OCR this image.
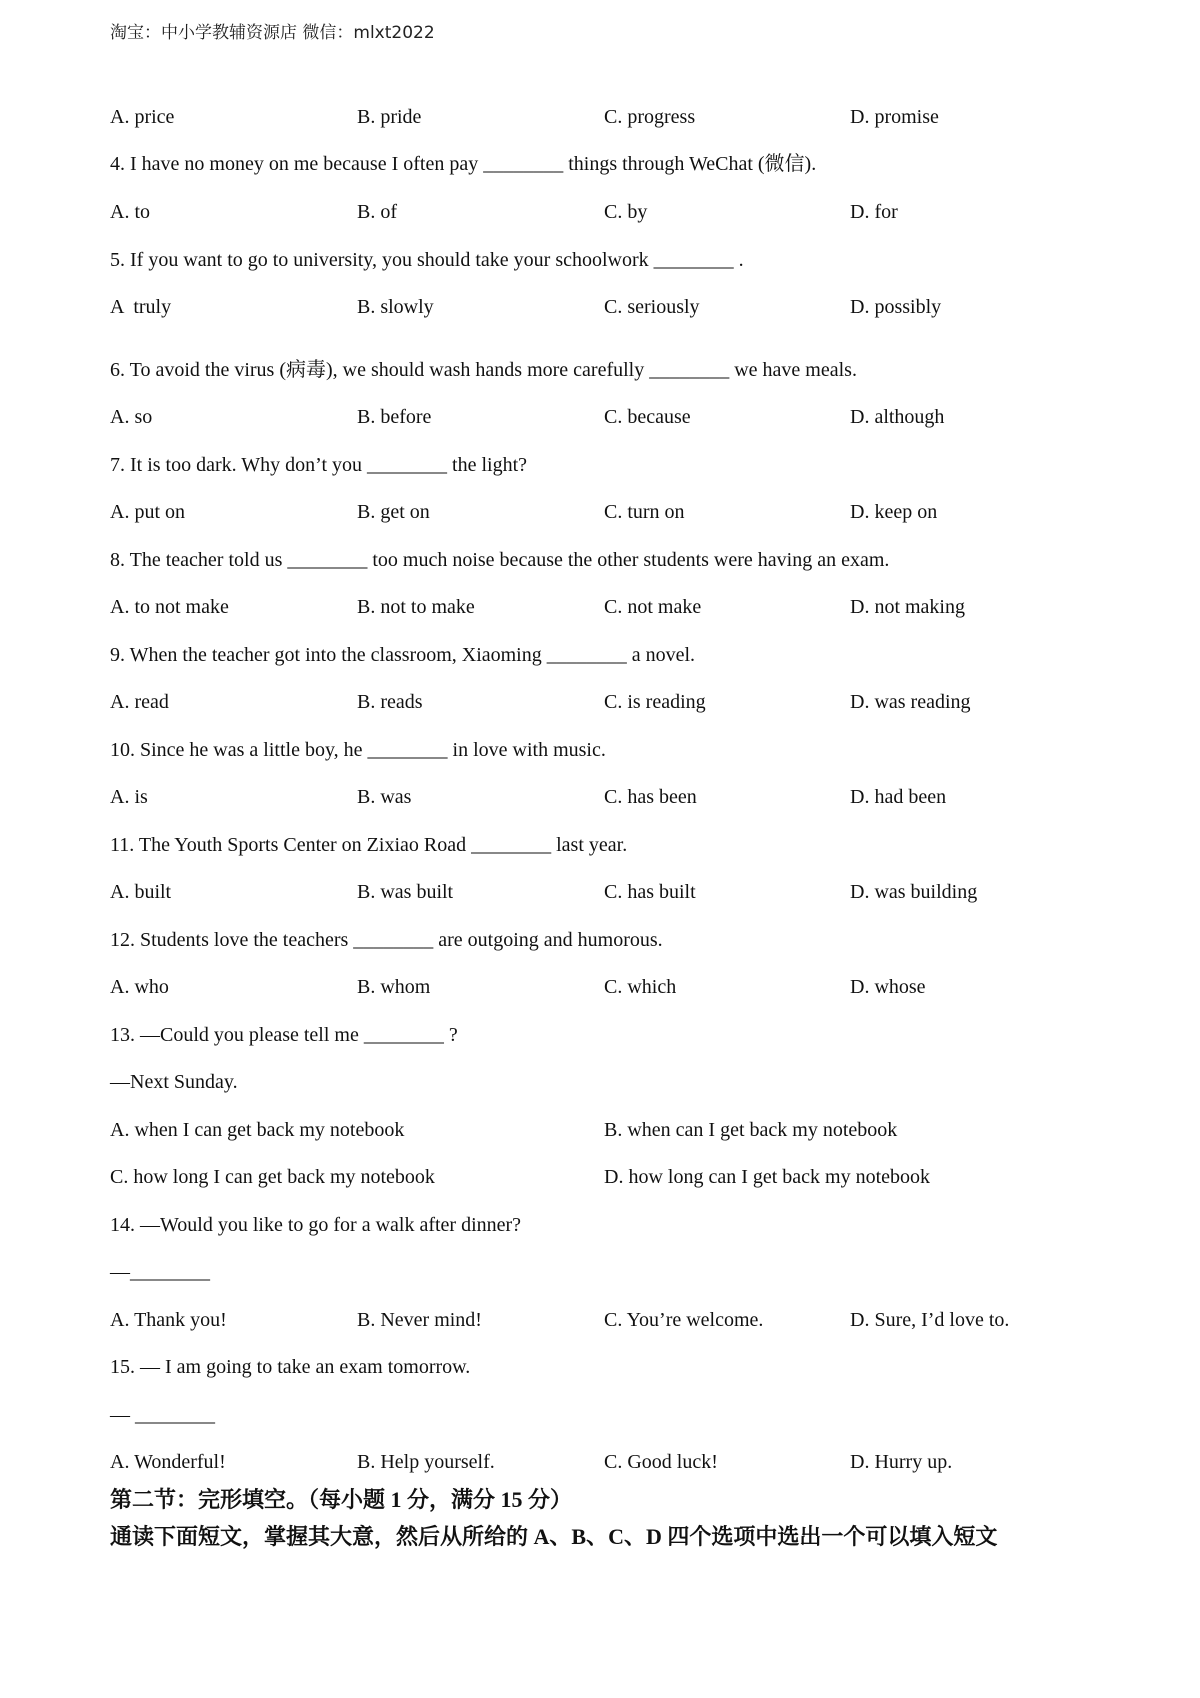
淘宝：中小学教辅资源店 微信：mlxt2022
A. price	B. pride	C. progress	D. promise
4. I have no money on me because I often pay ________ things through WeChat (微信).
A. to	B. of	C. by	D. for
5. If you want to go to university, you should take your schoolwork ________ .
A  truly	B. slowly	C. seriously	D. possibly
6. To avoid the virus (病毒), we should wash hands more carefully ________ we have meals.
A. so	B. before	C. because	D. although
7. It is too dark. Why don’t you ________ the light?
A. put on	B. get on	C. turn on	D. keep on
8. The teacher told us ________ too much noise because the other students were having an exam.
A. to not make	B. not to make	C. not make	D. not making
9. When the teacher got into the classroom, Xiaoming ________ a novel.
A. read	B. reads	C. is reading	D. was reading
10. Since he was a little boy, he ________ in love with music.
A. is	B. was	C. has been	D. had been
11. The Youth Sports Center on Zixiao Road ________ last year.
A. built	B. was built	C. has built	D. was building
12. Students love the teachers ________ are outgoing and humorous.
A. who	B. whom	C. which	D. whose
13. —Could you please tell me ________ ?
—Next Sunday.
A. when I can get back my notebook	B. when can I get back my notebook
C. how long I can get back my notebook	D. how long can I get back my notebook
14. —Would you like to go for a walk after dinner?
—________
A. Thank you!	B. Never mind!	C. You’re welcome.	D. Sure, I’d love to.
15. — I am going to take an exam tomorrow.
— ________
A. Wonderful!	B. Help yourself.	C. Good luck!	D. Hurry up.
第二节：完形填空。（每小题 1 分，满分 15 分）
通读下面短文，掌握其大意，然后从所给的 A、B、C、D 四个选项中选出一个可以填入短文
